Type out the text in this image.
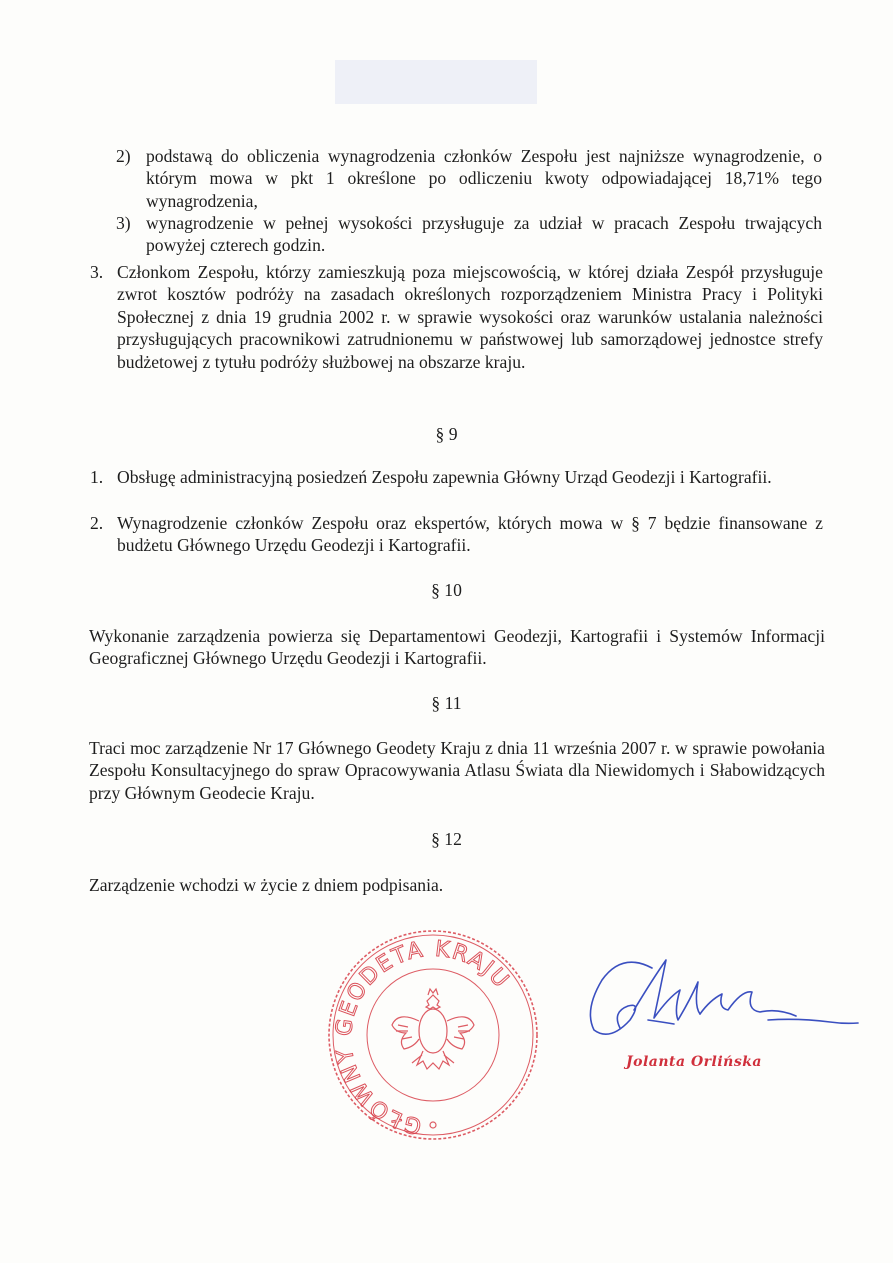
2) podstawą do obliczenia wynagrodzenia członków Zespołu jest najniższe wynagrodzenie, o którym mowa w pkt 1 określone po odliczeniu kwoty odpowiadającej 18,71% tego wynagrodzenia,
3) wynagrodzenie w pełnej wysokości przysługuje za udział w pracach Zespołu trwających powyżej czterech godzin.
3. Członkom Zespołu, którzy zamieszkują poza miejscowością, w której działa Zespół przysługuje zwrot kosztów podróży na zasadach określonych rozporządzeniem Ministra Pracy i Polityki Społecznej z dnia 19 grudnia 2002 r. w sprawie wysokości oraz warunków ustalania należności przysługujących pracownikowi zatrudnionemu w państwowej lub samorządowej jednostce strefy budżetowej z tytułu podróży służbowej na obszarze kraju.
§ 9
1. Obsługę administracyjną posiedzeń Zespołu zapewnia Główny Urząd Geodezji i Kartografii.
2. Wynagrodzenie członków Zespołu oraz ekspertów, których mowa w § 7 będzie finansowane z budżetu Głównego Urzędu Geodezji i Kartografii.
§ 10
Wykonanie zarządzenia powierza się Departamentowi Geodezji, Kartografii i Systemów Informacji Geograficznej Głównego Urzędu Geodezji i Kartografii.
§ 11
Traci moc zarządzenie Nr 17 Głównego Geodety Kraju z dnia 11 września 2007 r. w sprawie powołania Zespołu Konsultacyjnego do spraw Opracowywania Atlasu Świata dla Niewidomych i Słabowidzących przy Głównym Geodecie Kraju.
§ 12
Zarządzenie wchodzi w życie z dniem podpisania.
GŁÓWNY GEODETA KRAJU
Jolanta Orlińska
